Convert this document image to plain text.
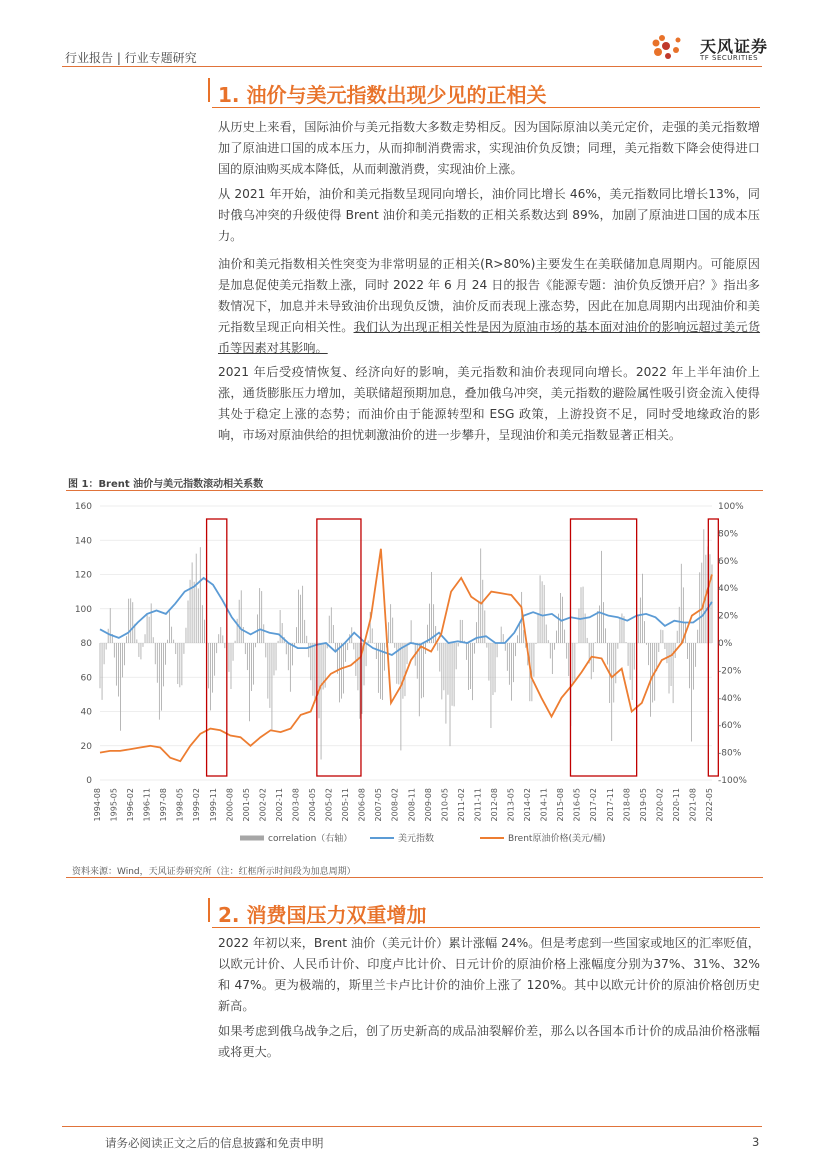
行业报告 | 行业专题研究
天风证券
TF SECURITIES
1. 油价与美元指数出现少见的正相关
从历史上来看，国际油价与美元指数大多数走势相反。因为国际原油以美元定价，走强的美元指数增加了原油进口国的成本压力，从而抑制消费需求，实现油价负反馈；同理，美元指数下降会使得进口国的原油购买成本降低，从而刺激消费，实现油价上涨。
从 2021 年开始，油价和美元指数呈现同向增长，油价同比增长 46%，美元指数同比增长13%，同时俄乌冲突的升级使得 Brent 油价和美元指数的正相关系数达到 89%，加剧了原油进口国的成本压力。
油价和美元指数相关性突变为非常明显的正相关(R>80%)主要发生在美联储加息周期内。可能原因是加息促使美元指数上涨，同时 2022 年 6 月 24 日的报告《能源专题：油价负反馈开启？》指出多数情况下，加息并未导致油价出现负反馈，油价反而表现上涨态势，因此在加息周期内出现油价和美元指数呈现正向相关性。我们认为出现正相关性是因为原油市场的基本面对油价的影响远超过美元货币等因素对其影响。
2021 年后受疫情恢复、经济向好的影响，美元指数和油价表现同向增长。2022 年上半年油价上涨，通货膨胀压力增加，美联储超预期加息，叠加俄乌冲突，美元指数的避险属性吸引资金流入使得其处于稳定上涨的态势；而油价由于能源转型和 ESG 政策，上游投资不足，同时受地缘政治的影响，市场对原油供给的担忧刺激油价的进一步攀升，呈现油价和美元指数显著正相关。
图 1：Brent 油价与美元指数滚动相关系数
160
140
120
100
80
60
40
20
0
100%
80%
60%
40%
20%
0%
-20%
-40%
-60%
-80%
-100%
1994-08 1995-05 1996-02 1996-11 1997-08 1998-05 1999-02 1999-11 2000-08 2001-05 2002-02 2002-11 2003-08 2004-05 2005-02 2005-11 2006-08 2007-05 2008-02 2008-11 2009-08 2010-05 2011-02 2011-11 2012-08 2013-05 2014-02 2014-11 2015-08 2016-05 2017-02 2017-11 2018-08 2019-05 2020-02 2020-11 2021-08 2022-05
correlation（右轴）	美元指数	Brent原油价格(美元/桶)
资料来源：Wind，天风证券研究所（注：红框所示时间段为加息周期）
2. 消费国压力双重增加
2022 年初以来，Brent 油价（美元计价）累计涨幅 24%。但是考虑到一些国家或地区的汇率贬值，以欧元计价、人民币计价、印度卢比计价、日元计价的原油价格上涨幅度分别为37%、31%、32%和 47%。更为极端的，斯里兰卡卢比计价的油价上涨了 120%。其中以欧元计价的原油价格创历史新高。
如果考虑到俄乌战争之后，创了历史新高的成品油裂解价差，那么以各国本币计价的成品油价格涨幅或将更大。
请务必阅读正文之后的信息披露和免责申明	3
